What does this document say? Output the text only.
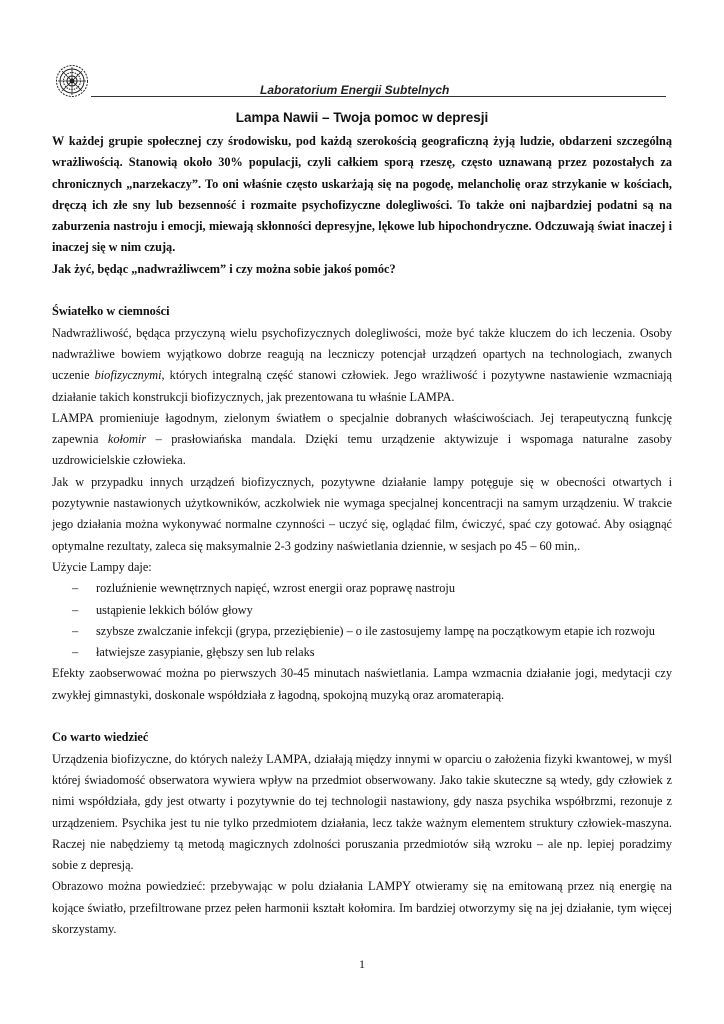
Laboratorium Energii Subtelnych
Lampa Nawii – Twoja pomoc w depresji

W każdej grupie społecznej czy środowisku, pod każdą szerokością geograficzną żyją ludzie, obdarzeni szczególną wrażliwością. Stanowią około 30% populacji, czyli całkiem sporą rzeszę, często uznawaną przez pozostałych za chronicznych „narzekaczy”. To oni właśnie często uskarżają się na pogodę, melancholię oraz strzykanie w kościach, dręczą ich złe sny lub bezsenność i rozmaite psychofizyczne dolegliwości. To także oni najbardziej podatni są na zaburzenia nastroju i emocji, miewają skłonności depresyjne, lękowe lub hipochondryczne. Odczuwają świat inaczej i inaczej się w nim czują.

Jak żyć, będąc „nadwrażliwcem” i czy można sobie jakoś pomóc?

Światełko w ciemności

Nadwrażliwość, będąca przyczyną wielu psychofizycznych dolegliwości, może być także kluczem do ich leczenia. Osoby nadwrażliwe bowiem wyjątkowo dobrze reagują na leczniczy potencjał urządzeń opartych na technologiach, zwanych uczenie biofizycznymi, których integralną część stanowi człowiek. Jego wrażliwość i pozytywne nastawienie wzmacniają działanie takich konstrukcji biofizycznych, jak prezentowana tu właśnie LAMPA.

LAMPA promieniuje łagodnym, zielonym światłem o specjalnie dobranych właściwościach. Jej terapeutyczną funkcję zapewnia kołomir – prasłowiańska mandala. Dzięki temu urządzenie aktywizuje i wspomaga naturalne zasoby uzdrowicielskie człowieka.

Jak w przypadku innych urządzeń biofizycznych, pozytywne działanie lampy potęguje się w obecności otwartych i pozytywnie nastawionych użytkowników, aczkolwiek nie wymaga specjalnej koncentracji na samym urządzeniu. W trakcie jego działania można wykonywać normalne czynności – uczyć się, oglądać film, ćwiczyć, spać czy gotować. Aby osiągnąć optymalne rezultaty, zaleca się maksymalnie 2-3 godziny naświetlania dziennie, w sesjach po 45 – 60 min,.

Użycie Lampy daje:

– rozluźnienie wewnętrznych napięć, wzrost energii oraz poprawę nastroju
– ustąpienie lekkich bólów głowy
– szybsze zwalczanie infekcji (grypa, przeziębienie) – o ile zastosujemy lampę na początkowym etapie ich rozwoju
– łatwiejsze zasypianie, głębszy sen lub relaks

Efekty zaobserwować można po pierwszych 30-45 minutach naświetlania. Lampa wzmacnia działanie jogi, medytacji czy zwykłej gimnastyki, doskonale współdziała z łagodną, spokojną muzyką oraz aromaterapią.

Co warto wiedzieć

Urządzenia biofizyczne, do których należy LAMPA, działają między innymi w oparciu o założenia fizyki kwantowej, w myśl której świadomość obserwatora wywiera wpływ na przedmiot obserwowany. Jako takie skuteczne są wtedy, gdy człowiek z nimi współdziała, gdy jest otwarty i pozytywnie do tej technologii nastawiony, gdy nasza psychika współbrzmi, rezonuje z urządzeniem. Psychika jest tu nie tylko przedmiotem działania, lecz także ważnym elementem struktury człowiek-maszyna. Raczej nie nabędziemy tą metodą magicznych zdolności poruszania przedmiotów siłą wzroku – ale np. lepiej poradzimy sobie z depresją.

Obrazowo można powiedzieć: przebywając w polu działania LAMPY otwieramy się na emitowaną przez nią energię na kojące światło, przefiltrowane przez pełen harmonii kształt kołomira. Im bardziej otworzymy się na jej działanie, tym więcej skorzystamy.

1
